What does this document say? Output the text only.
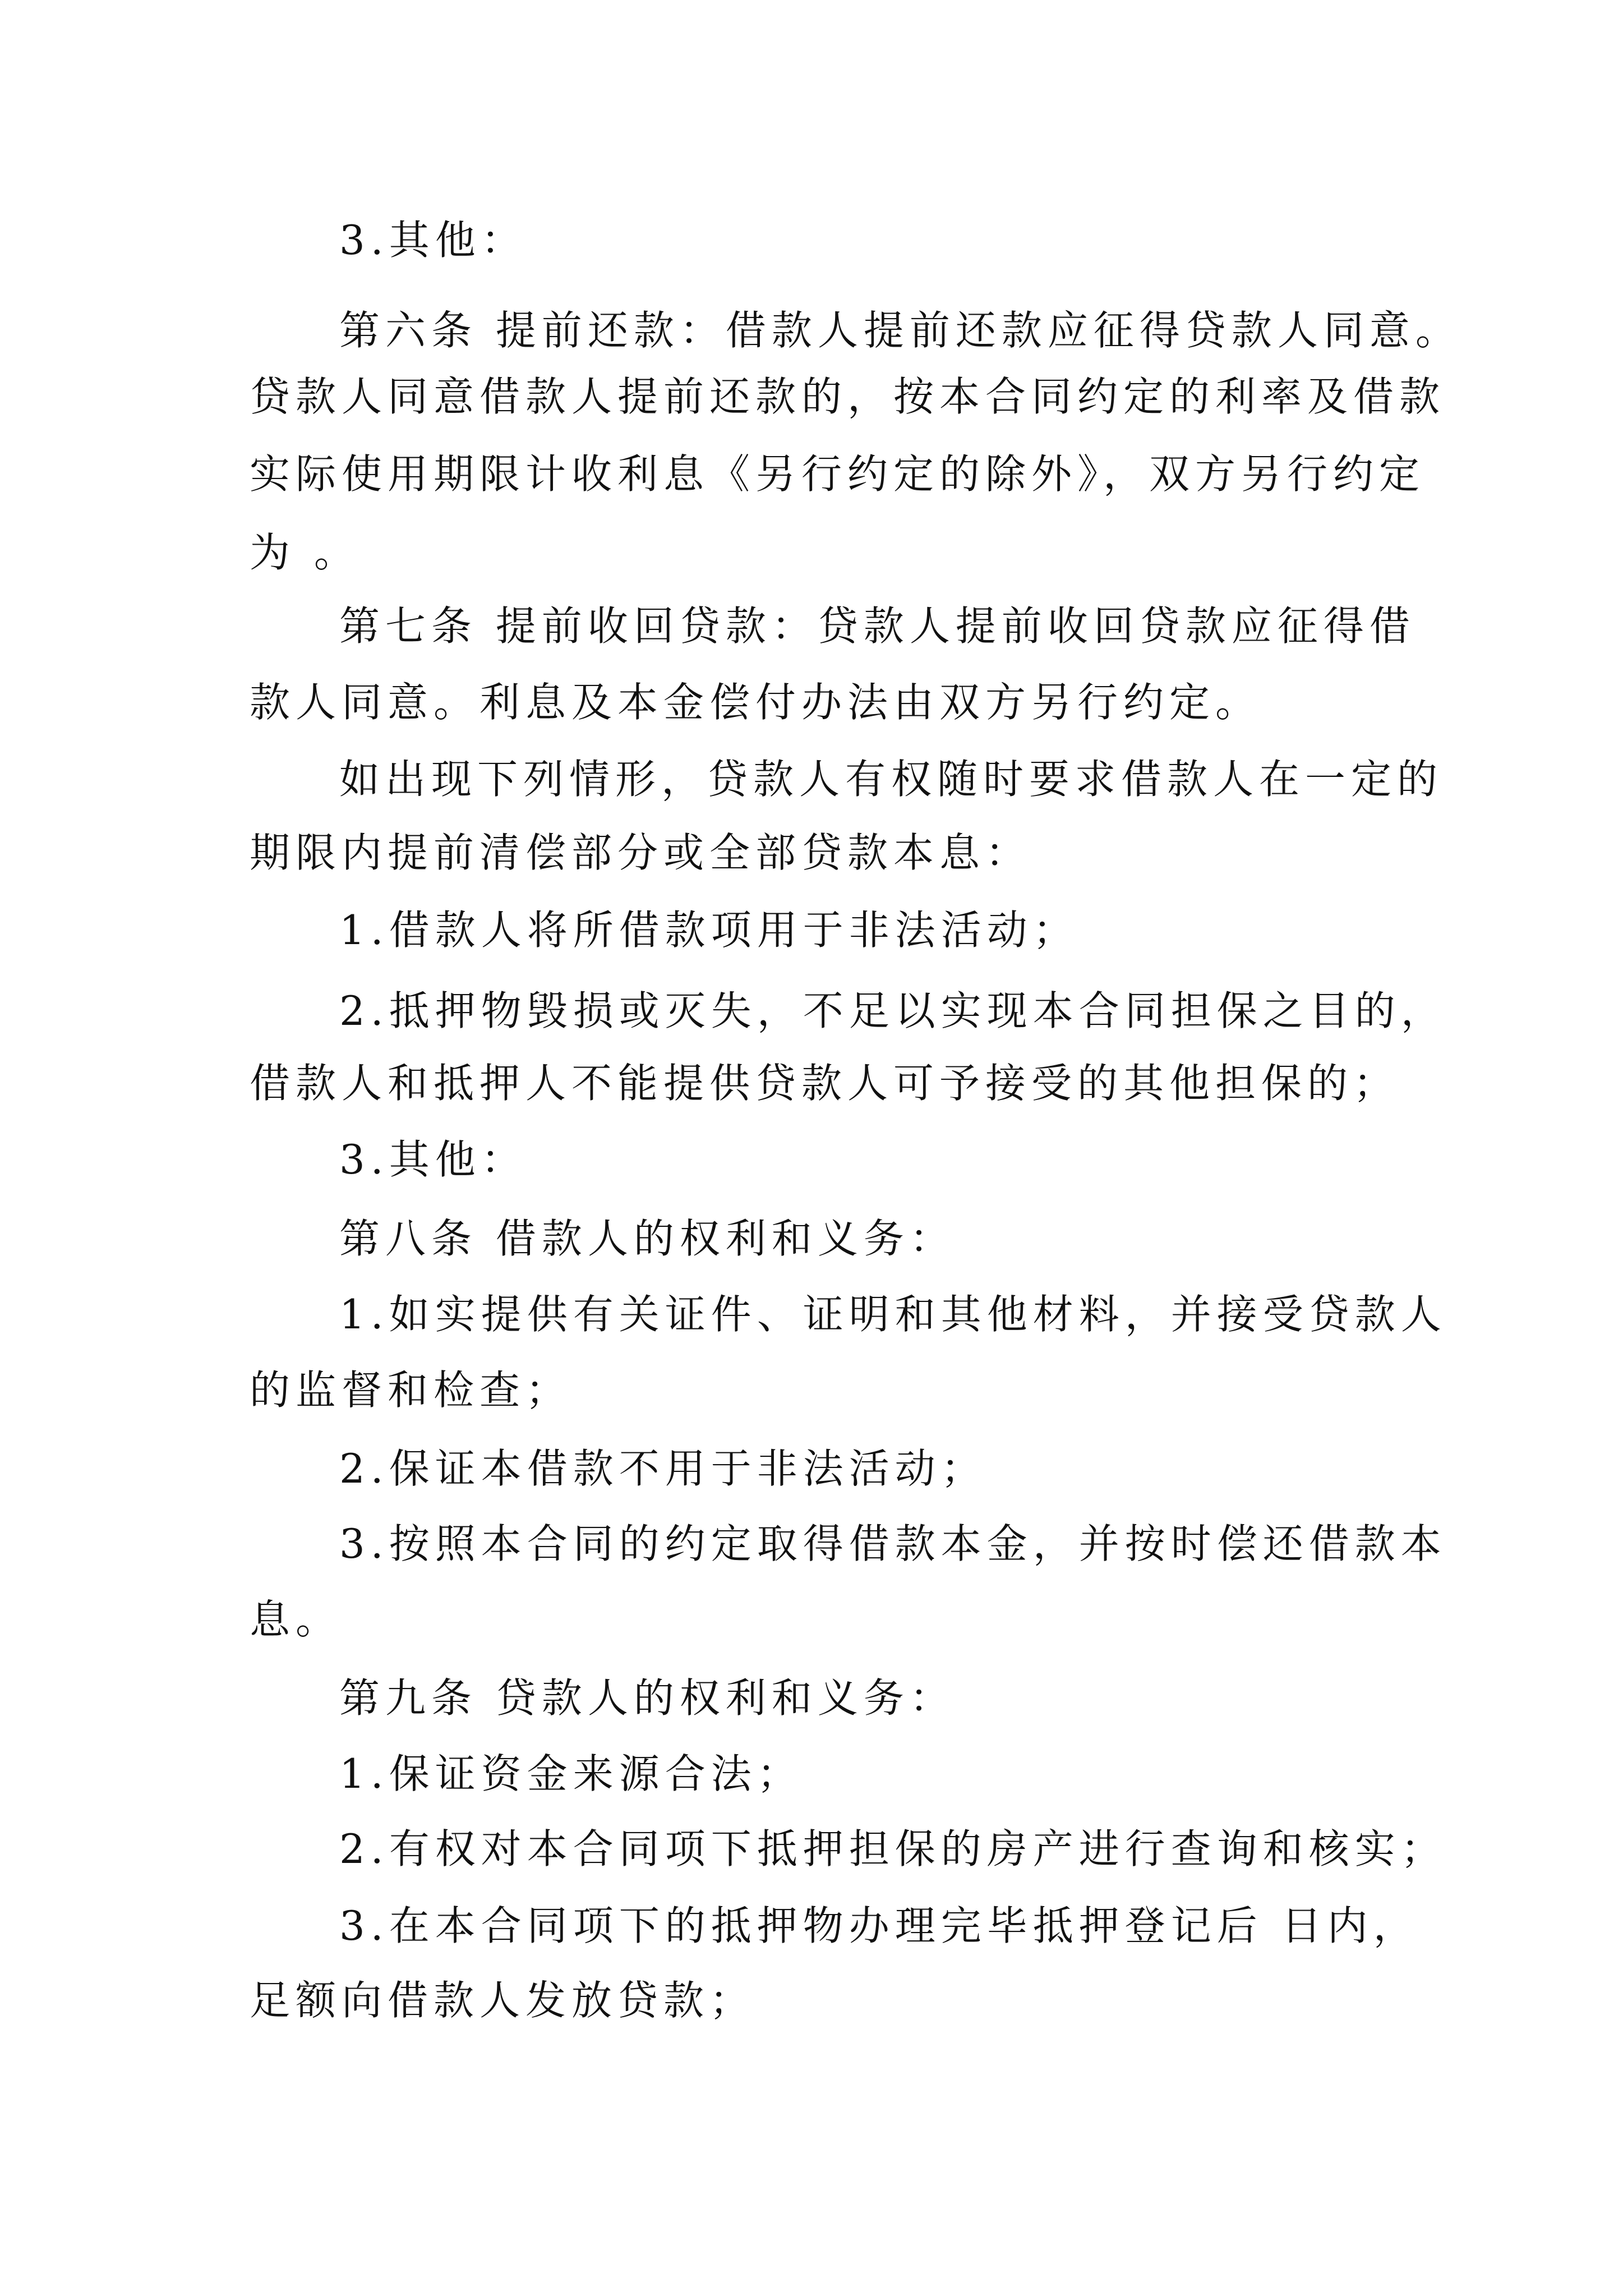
3.其他：
第六条 提前还款：借款人提前还款应征得贷款人同意。
贷款人同意借款人提前还款的，按本合同约定的利率及借款
实际使用期限计收利息《另行约定的除外》，双方另行约定
为 。
第七条 提前收回贷款：贷款人提前收回贷款应征得借
款人同意。利息及本金偿付办法由双方另行约定。
如出现下列情形，贷款人有权随时要求借款人在一定的
期限内提前清偿部分或全部贷款本息：
1.借款人将所借款项用于非法活动；
2.抵押物毁损或灭失，不足以实现本合同担保之目的，
借款人和抵押人不能提供贷款人可予接受的其他担保的；
3.其他：
第八条 借款人的权利和义务：
1.如实提供有关证件、证明和其他材料，并接受贷款人
的监督和检查；
2.保证本借款不用于非法活动；
3.按照本合同的约定取得借款本金，并按时偿还借款本
息。
第九条 贷款人的权利和义务：
1.保证资金来源合法；
2.有权对本合同项下抵押担保的房产进行查询和核实；
3.在本合同项下的抵押物办理完毕抵押登记后 日内，
足额向借款人发放贷款；
